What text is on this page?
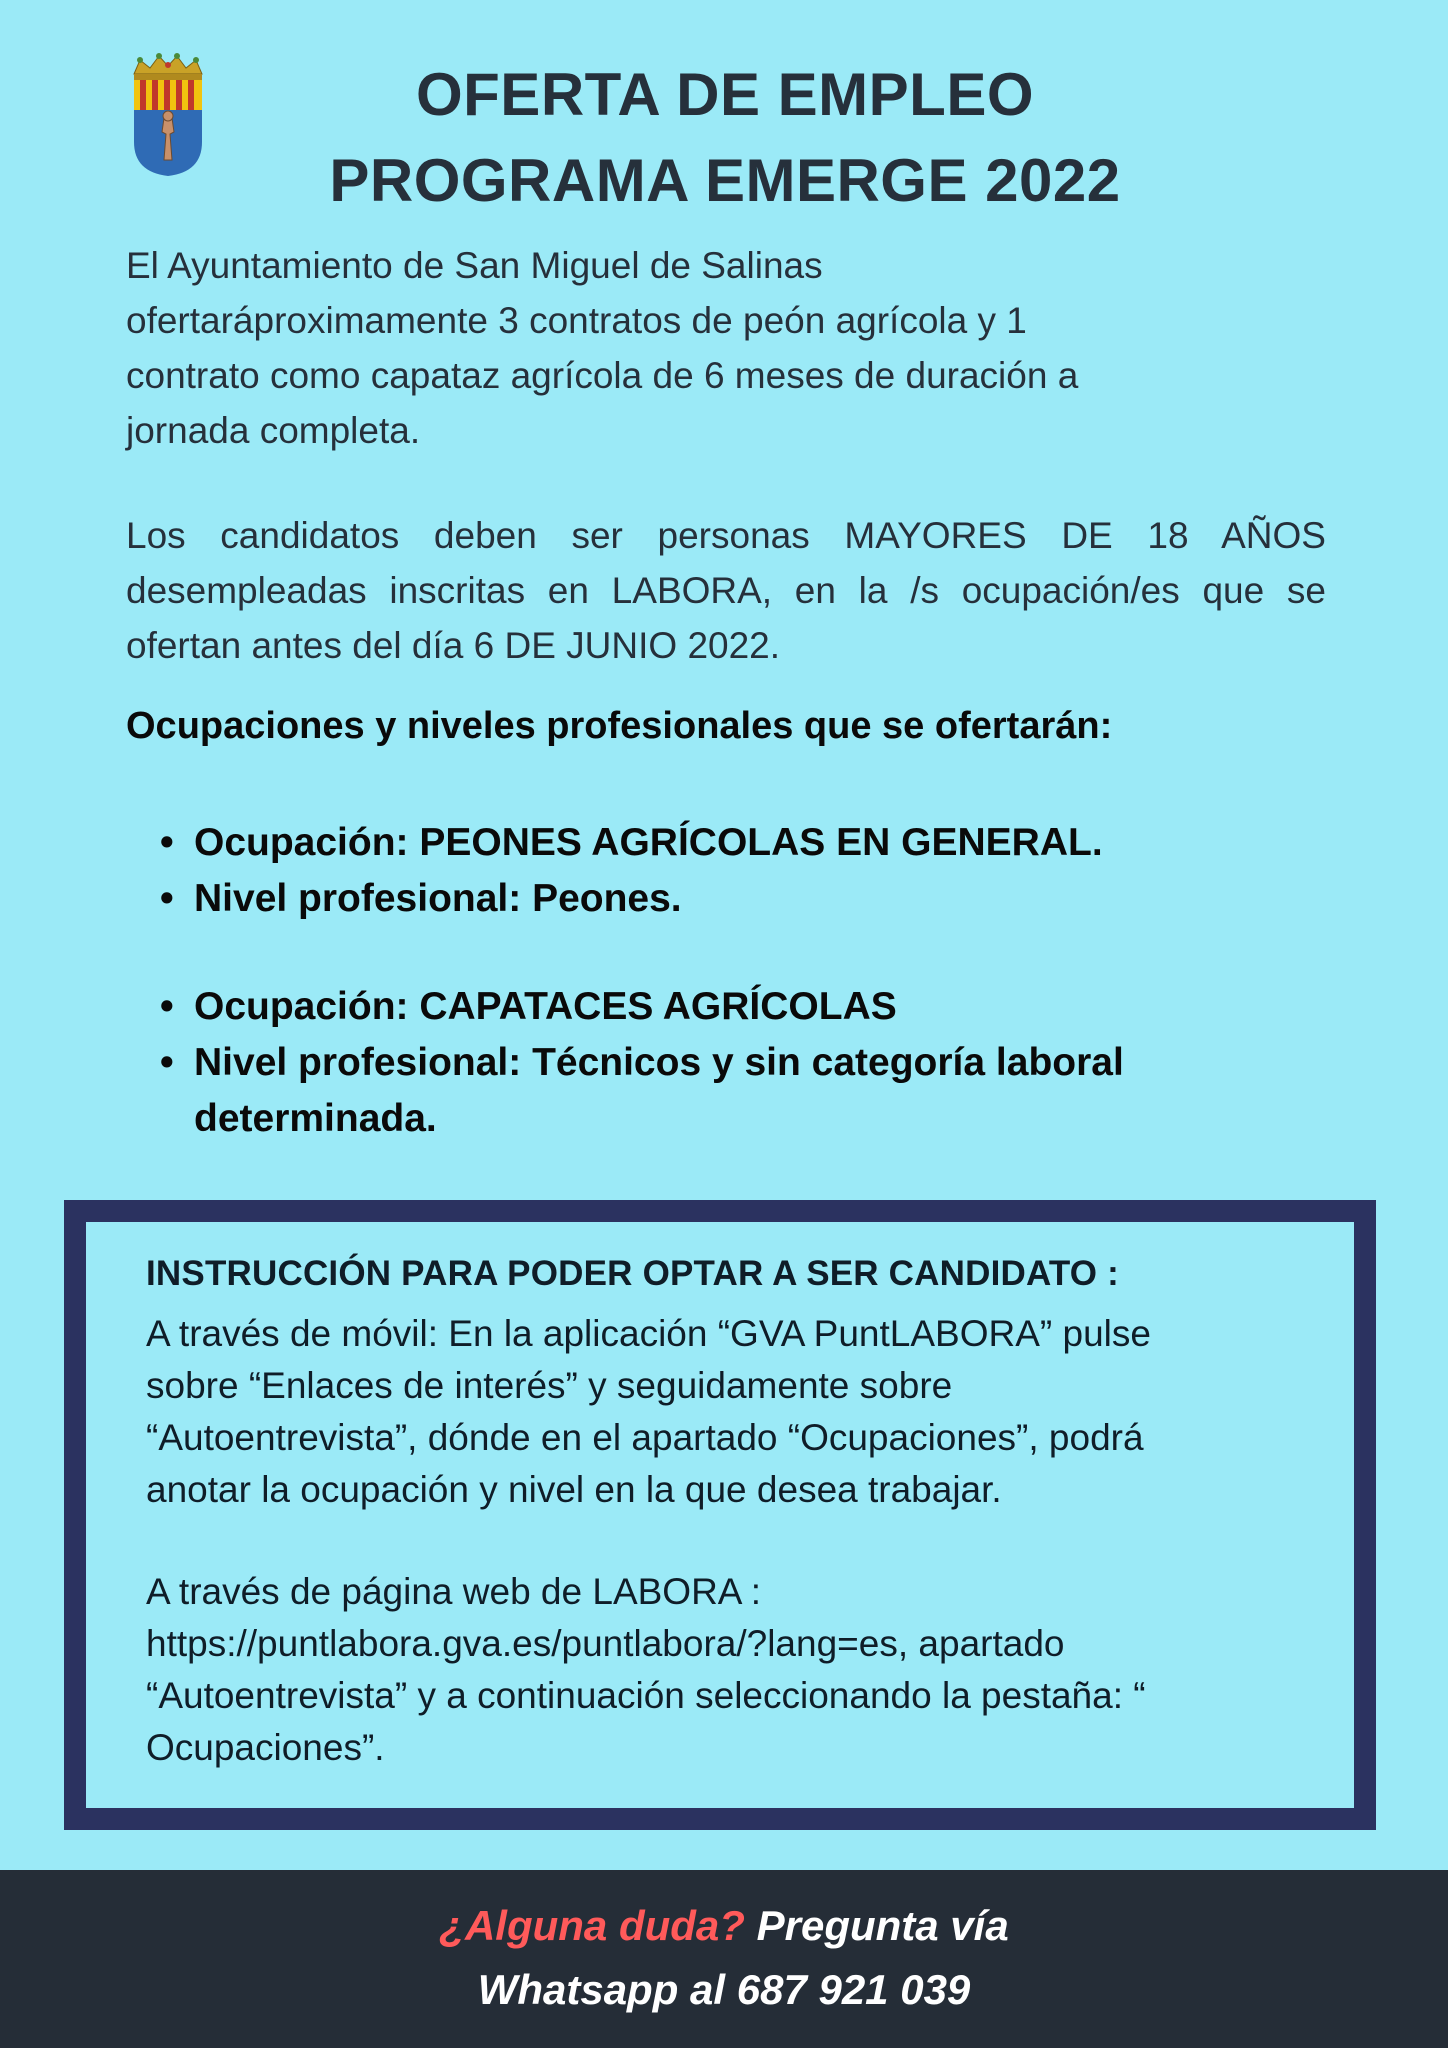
OFERTA DE EMPLEO
PROGRAMA EMERGE 2022

El Ayuntamiento de San Miguel de Salinas
ofertaráproximamente 3 contratos de peón agrícola y 1
contrato como capataz agrícola de 6 meses de duración a
jornada completa.

Los candidatos deben ser personas MAYORES DE 18 AÑOS desempleadas inscritas en LABORA, en la /s ocupación/es que se ofertan antes del día 6 DE JUNIO 2022.

Ocupaciones y niveles profesionales que se ofertarán:
• Ocupación: PEONES AGRÍCOLAS EN GENERAL.
• Nivel profesional: Peones.
• Ocupación: CAPATACES AGRÍCOLAS
• Nivel profesional: Técnicos y sin categoría laboral determinada.
INSTRUCCIÓN PARA PODER OPTAR A SER CANDIDATO :

A través de móvil: En la aplicación “GVA PuntLABORA” pulse
sobre “Enlaces de interés” y seguidamente sobre
“Autoentrevista”, dónde en el apartado “Ocupaciones”, podrá
anotar la ocupación y nivel en la que desea trabajar.

A través de página web de LABORA :
https://puntlabora.gva.es/puntlabora/?lang=es, apartado
“Autoentrevista” y a continuación seleccionando la pestaña: “
Ocupaciones”.

¿Alguna duda? Pregunta vía
Whatsapp al 687 921 039
